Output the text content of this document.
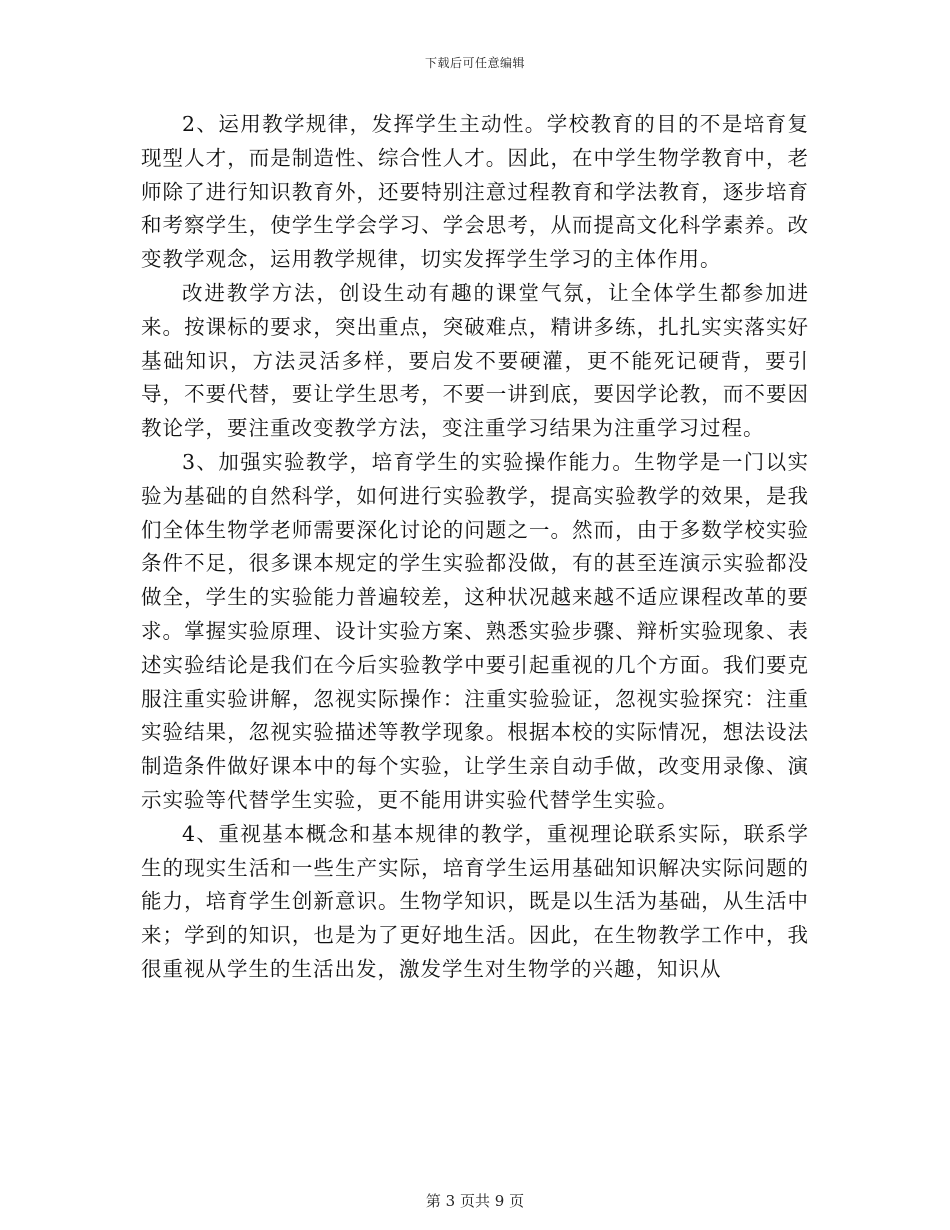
下载后可任意编辑

2、运用教学规律，发挥学生主动性。学校教育的目的不是培育复现型人才，而是制造性、综合性人才。因此，在中学生物学教育中，老师除了进行知识教育外，还要特别注意过程教育和学法教育，逐步培育和考察学生，使学生学会学习、学会思考，从而提高文化科学素养。改变教学观念，运用教学规律，切实发挥学生学习的主体作用。

改进教学方法，创设生动有趣的课堂气氛，让全体学生都参加进来。按课标的要求，突出重点，突破难点，精讲多练，扎扎实实落实好基础知识，方法灵活多样，要启发不要硬灌，更不能死记硬背，要引导，不要代替，要让学生思考，不要一讲到底，要因学论教，而不要因教论学，要注重改变教学方法，变注重学习结果为注重学习过程。

3、加强实验教学，培育学生的实验操作能力。生物学是一门以实验为基础的自然科学，如何进行实验教学，提高实验教学的效果，是我们全体生物学老师需要深化讨论的问题之一。然而，由于多数学校实验条件不足，很多课本规定的学生实验都没做，有的甚至连演示实验都没做全，学生的实验能力普遍较差，这种状况越来越不适应课程改革的要求。掌握实验原理、设计实验方案、熟悉实验步骤、辩析实验现象、表述实验结论是我们在今后实验教学中要引起重视的几个方面。我们要克服注重实验讲解，忽视实际操作：注重实验验证，忽视实验探究：注重实验结果，忽视实验描述等教学现象。根据本校的实际情况，想法设法制造条件做好课本中的每个实验，让学生亲自动手做，改变用录像、演示实验等代替学生实验，更不能用讲实验代替学生实验。

4、重视基本概念和基本规律的教学，重视理论联系实际，联系学生的现实生活和一些生产实际，培育学生运用基础知识解决实际问题的能力，培育学生创新意识。生物学知识，既是以生活为基础，从生活中来；学到的知识，也是为了更好地生活。因此，在生物教学工作中，我很重视从学生的生活出发，激发学生对生物学的兴趣，知识从

第 3 页共 9 页
